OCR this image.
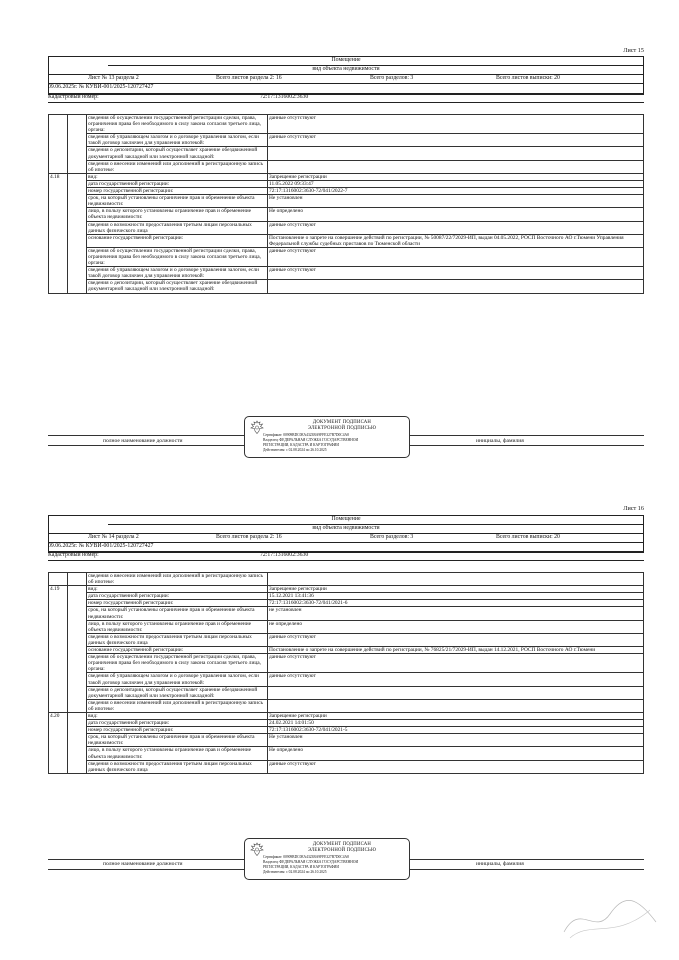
Лист 15
Помещение
вид объекта недвижимости
Лист № 13 раздела 2	Всего листов раздела 2: 16	Всего разделов: 3	Всего листов выписки: 20
09.06.2025г. № КУВИ-001/2025-120727427
Кадастровый номер:	72:17:1316002:3630
		сведения об осуществлении государственной регистрации сделки, права, ограничения права без необходимого в силу закона согласия третьего лица, органа:	данные отсутствуют
		сведения об управляющем залогом и о договоре управления залогом, если такой договор заключен для управления ипотекой:	данные отсутствуют
		сведения о депозитарии, который осуществляет хранение обездвиженной документарной закладной или электронной закладной:	
		сведения о внесении изменений или дополнений в регистрационную запись об ипотеке:	
4.18		вид:	Запрещение регистрации
		дата государственной регистрации:	11.05.2022 09:33:47
		номер государственной регистрации:	72:17:1316002:3630-72/041/2022-7
		срок, на который установлены ограничение прав и обременение объекта недвижимости:	Не установлен
		лицо, в пользу которого установлены ограничение прав и обременение объекта недвижимости:	Не определено
		сведения о возможности предоставления третьим лицам персональных данных физического лица	данные отсутствуют
		основание государственной регистрации:	Постановление о запрете на совершение действий по регистрации, № 50087/22/72029-ИП, выдан 04.05.2022, РОСП Восточного АО г.Тюмени Управления Федеральной службы судебных приставов по Тюменской области
		сведения об осуществлении государственной регистрации сделки, права, ограничения права без необходимого в силу закона согласия третьего лица, органа:	данные отсутствуют
		сведения об управляющем залогом и о договоре управления залогом, если такой договор заключен для управления ипотекой:	данные отсутствуют
		сведения о депозитарии, который осуществляет хранение обездвиженной документарной закладной или электронной закладной:	
полное наименование должности	инициалы, фамилия
ДОКУМЕНТ ПОДПИСАН
ЭЛЕКТРОННОЙ ПОДПИСЬЮ
Сертификат: 00909BDC0EA4323BA9FFE327B7D0C4A8
Владелец: ФЕДЕРАЛЬНАЯ СЛУЖБА ГОСУДАРСТВЕННОЙ
РЕГИСТРАЦИИ, КАДАСТРА И КАРТОГРАФИИ
Действителен: с 02.08.2024 по 26.10.2025
Лист 16
Помещение
вид объекта недвижимости
Лист № 14 раздела 2	Всего листов раздела 2: 16	Всего разделов: 3	Всего листов выписки: 20
09.06.2025г. № КУВИ-001/2025-120727427
Кадастровый номер:	72:17:1316002:3630
		сведения о внесении изменений или дополнений в регистрационную запись об ипотеке:	
4.19		вид:	Запрещение регистрации
		дата государственной регистрации:	15.12.2021 13:41:36
		номер государственной регистрации:	72:17:1316002:3630-72/041/2021-6
		срок, на который установлены ограничение прав и обременение объекта недвижимости:	не установлен
		лицо, в пользу которого установлены ограничение прав и обременение объекта недвижимости:	не определено
		сведения о возможности предоставления третьим лицам персональных данных физического лица	данные отсутствуют
		основание государственной регистрации:	Постановление о запрете на совершение действий по регистрации, № 76825/21/72029-ИП, выдан 14.12.2021, РОСП Восточного АО г.Тюмени
		сведения об осуществлении государственной регистрации сделки, права, ограничения права без необходимого в силу закона согласия третьего лица, органа:	данные отсутствуют
		сведения об управляющем залогом и о договоре управления залогом, если такой договор заключен для управления ипотекой:	данные отсутствуют
		сведения о депозитарии, который осуществляет хранение обездвиженной документарной закладной или электронной закладной:	
		сведения о внесении изменений или дополнений в регистрационную запись об ипотеке:	
4.20		вид:	Запрещение регистрации
		дата государственной регистрации:	24.02.2021 14:01:50
		номер государственной регистрации:	72:17:1316002:3630-72/041/2021-5
		срок, на который установлены ограничение прав и обременение объекта недвижимости:	Не установлен
		лицо, в пользу которого установлены ограничение прав и обременение объекта недвижимости:	Не определено
		сведения о возможности предоставления третьим лицам персональных данных физического лица	данные отсутствуют
полное наименование должности	инициалы, фамилия
ДОКУМЕНТ ПОДПИСАН
ЭЛЕКТРОННОЙ ПОДПИСЬЮ
Сертификат: 00909BDC0EA4323BA9FFE327B7D0C4A8
Владелец: ФЕДЕРАЛЬНАЯ СЛУЖБА ГОСУДАРСТВЕННОЙ
РЕГИСТРАЦИИ, КАДАСТРА И КАРТОГРАФИИ
Действителен: с 02.08.2024 по 26.10.2025
